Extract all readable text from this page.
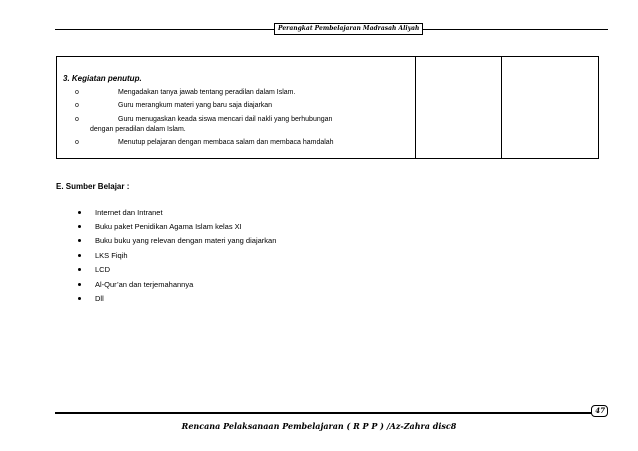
Perangkat Pembelajaran Madrasah Aliyah
3. Kegiatan penutup.
o	Mengadakan tanya jawab tentang peradilan dalam Islam.
o	Guru merangkum materi yang baru saja diajarkan
o	Guru menugaskan keada siswa mencari dail nakli yang berhubungan
dengan peradilan dalam Islam.
o	Menutup pelajaran dengan membaca salam dan membaca hamdalah
E. Sumber Belajar :
Internet dan Intranet
Buku paket Penidikan Agama Islam kelas XI
Buku buku yang relevan dengan materi yang diajarkan
LKS Fiqih
LCD
Al-Qur’an dan terjemahannya
Dll
47
Rencana Pelaksanaan Pembelajaran ( R P P ) /Az-Zahra disc8
